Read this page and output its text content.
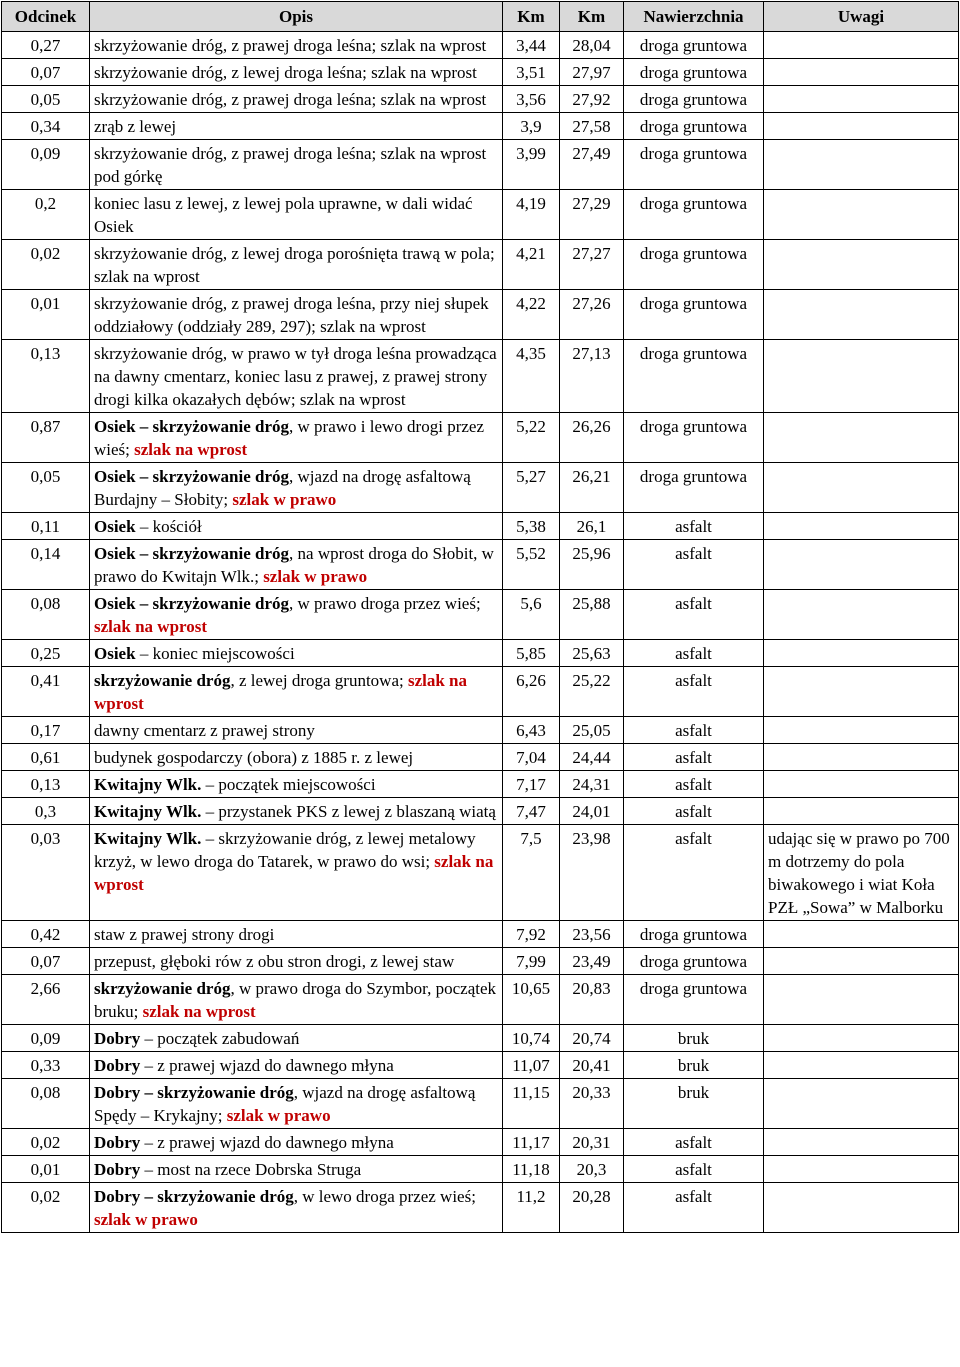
Odcinek	Opis	Km	Km	Nawierzchnia	Uwagi
0,27	skrzyżowanie dróg, z prawej droga leśna; szlak na wprost	3,44	28,04	droga gruntowa	
0,07	skrzyżowanie dróg, z lewej droga leśna; szlak na wprost	3,51	27,97	droga gruntowa	
0,05	skrzyżowanie dróg, z prawej droga leśna; szlak na wprost	3,56	27,92	droga gruntowa	
0,34	zrąb z lewej	3,9	27,58	droga gruntowa	
0,09	skrzyżowanie dróg, z prawej droga leśna; szlak na wprost pod górkę	3,99	27,49	droga gruntowa	
0,2	koniec lasu z lewej, z lewej pola uprawne, w dali widać Osiek	4,19	27,29	droga gruntowa	
0,02	skrzyżowanie dróg, z lewej droga porośnięta trawą w pola; szlak na wprost	4,21	27,27	droga gruntowa	
0,01	skrzyżowanie dróg, z prawej droga leśna, przy niej słupek oddziałowy (oddziały 289, 297); szlak na wprost	4,22	27,26	droga gruntowa	
0,13	skrzyżowanie dróg, w prawo w tył droga leśna prowadząca na dawny cmentarz, koniec lasu z prawej, z prawej strony drogi kilka okazałych dębów; szlak na wprost	4,35	27,13	droga gruntowa	
0,87	Osiek – skrzyżowanie dróg, w prawo i lewo drogi przez wieś; szlak na wprost	5,22	26,26	droga gruntowa	
0,05	Osiek – skrzyżowanie dróg, wjazd na drogę asfaltową Burdajny – Słobity; szlak w prawo	5,27	26,21	droga gruntowa	
0,11	Osiek – kościół	5,38	26,1	asfalt	
0,14	Osiek – skrzyżowanie dróg, na wprost droga do Słobit, w prawo do Kwitajn Wlk.; szlak w prawo	5,52	25,96	asfalt	
0,08	Osiek – skrzyżowanie dróg, w prawo droga przez wieś; szlak na wprost	5,6	25,88	asfalt	
0,25	Osiek – koniec miejscowości	5,85	25,63	asfalt	
0,41	skrzyżowanie dróg, z lewej droga gruntowa; szlak na wprost	6,26	25,22	asfalt	
0,17	dawny cmentarz z prawej strony	6,43	25,05	asfalt	
0,61	budynek gospodarczy (obora) z 1885 r. z lewej	7,04	24,44	asfalt	
0,13	Kwitajny Wlk. – początek miejscowości	7,17	24,31	asfalt	
0,3	Kwitajny Wlk. – przystanek PKS z lewej z blaszaną wiatą	7,47	24,01	asfalt	
0,03	Kwitajny Wlk. – skrzyżowanie dróg, z lewej metalowy krzyż, w lewo droga do Tatarek, w prawo do wsi; szlak na wprost	7,5	23,98	asfalt	udając się w prawo po 700 m dotrzemy do pola biwakowego i wiat Koła PZŁ „Sowa” w Malborku
0,42	staw z prawej strony drogi	7,92	23,56	droga gruntowa	
0,07	przepust, głęboki rów z obu stron drogi, z lewej staw	7,99	23,49	droga gruntowa	
2,66	skrzyżowanie dróg, w prawo droga do Szymbor, początek bruku; szlak na wprost	10,65	20,83	droga gruntowa	
0,09	Dobry – początek zabudowań	10,74	20,74	bruk	
0,33	Dobry – z prawej wjazd do dawnego młyna	11,07	20,41	bruk	
0,08	Dobry – skrzyżowanie dróg, wjazd na drogę asfaltową Spędy – Krykajny; szlak w prawo	11,15	20,33	bruk	
0,02	Dobry – z prawej wjazd do dawnego młyna	11,17	20,31	asfalt	
0,01	Dobry – most na rzece Dobrska Struga	11,18	20,3	asfalt	
0,02	Dobry – skrzyżowanie dróg, w lewo droga przez wieś; szlak w prawo	11,2	20,28	asfalt	
